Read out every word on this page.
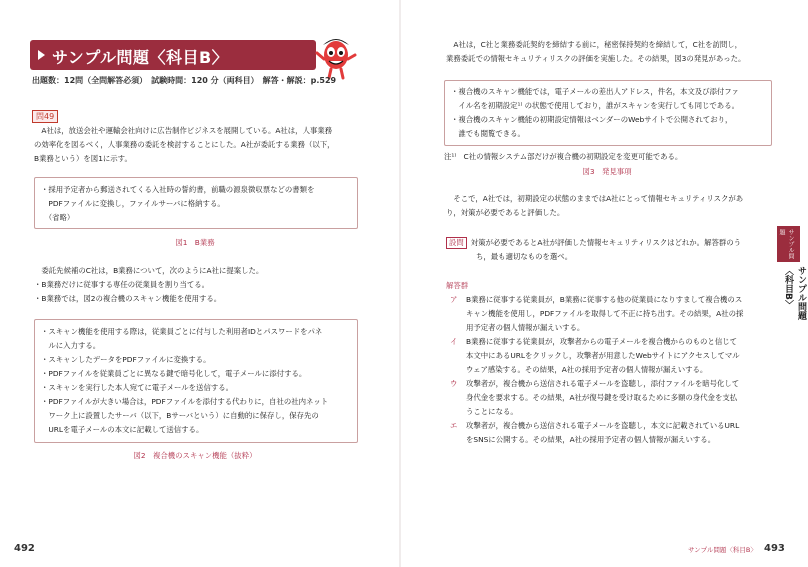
サンプル問題〈科目B〉
出題数：12問（全問解答必須）　試験時間：120 分（両科目）　解答・解説：p.529
問49
　A社は，放送会社や運輸会社向けに広告制作ビジネスを展開している。A社は，人事業務
の効率化を図るべく，人事業務の委託を検討することにした。A社が委託する業務（以下，
B業務という）を図1に示す。
・採用予定者から郵送されてくる入社時の誓約書，前職の源泉徴収票などの書類を
　PDFファイルに変換し，ファイルサーバに格納する。
　（省略）
図1　B業務
　委託先候補のC社は，B業務について，次のようにA社に提案した。
・B業務だけに従事する専任の従業員を割り当てる。
・B業務では，図2の複合機のスキャン機能を使用する。
・スキャン機能を使用する際は，従業員ごとに付与した利用者IDとパスワードをパネ
　ルに入力する。
・スキャンしたデータをPDFファイルに変換する。
・PDFファイルを従業員ごとに異なる鍵で暗号化して，電子メールに添付する。
・スキャンを実行した本人宛てに電子メールを送信する。
・PDFファイルが大きい場合は，PDFファイルを添付する代わりに，自社の社内ネット
　ワーク上に設置したサーバ（以下，Bサーバという）に自動的に保存し，保存先の
　URLを電子メールの本文に記載して送信する。
図2　複合機のスキャン機能（抜粋）
492
　A社は，C社と業務委託契約を締結する前に，秘密保持契約を締結して，C社を訪問し，
業務委託での情報セキュリティリスクの評価を実施した。その結果，図3の発見があった。
・複合機のスキャン機能では，電子メールの差出人アドレス，件名，本文及び添付ファ
　イル名を初期設定¹⁾ の状態で使用しており，誰がスキャンを実行しても同じである。
・複合機のスキャン機能の初期設定情報はベンダーのWebサイトで公開されており，
　誰でも閲覧できる。
注¹⁾　C社の情報システム部だけが複合機の初期設定を変更可能である。
図3　発見事項
　そこで，A社では，初期設定の状態のままではA社にとって情報セキュリティリスクがあ
り，対策が必要であると評価した。
設問 対策が必要であるとA社が評価した情報セキュリティリスクはどれか。解答群のう
ち，最も適切なものを選べ。
解答群
ア B業務に従事する従業員が，B業務に従事する他の従業員になりすまして複合機のス
キャン機能を使用し，PDFファイルを取得して不正に持ち出す。その結果，A社の採
用予定者の個人情報が漏えいする。
イ B業務に従事する従業員が，攻撃者からの電子メールを複合機からのものと信じて
本文中にあるURLをクリックし，攻撃者が用意したWebサイトにアクセスしてマル
ウェア感染する。その結果，A社の採用予定者の個人情報が漏えいする。
ウ 攻撃者が，複合機から送信される電子メールを盗聴し，添付ファイルを暗号化して
身代金を要求する。その結果，A社が復号鍵を受け取るために多額の身代金を支払
うことになる。
エ 攻撃者が，複合機から送信される電子メールを盗聴し，本文に記載されているURL
をSNSに公開する。その結果，A社の採用予定者の個人情報が漏えいする。
サンプル問題〈科目B〉 493
サンプル問題
サンプル問題〈科目B〉
